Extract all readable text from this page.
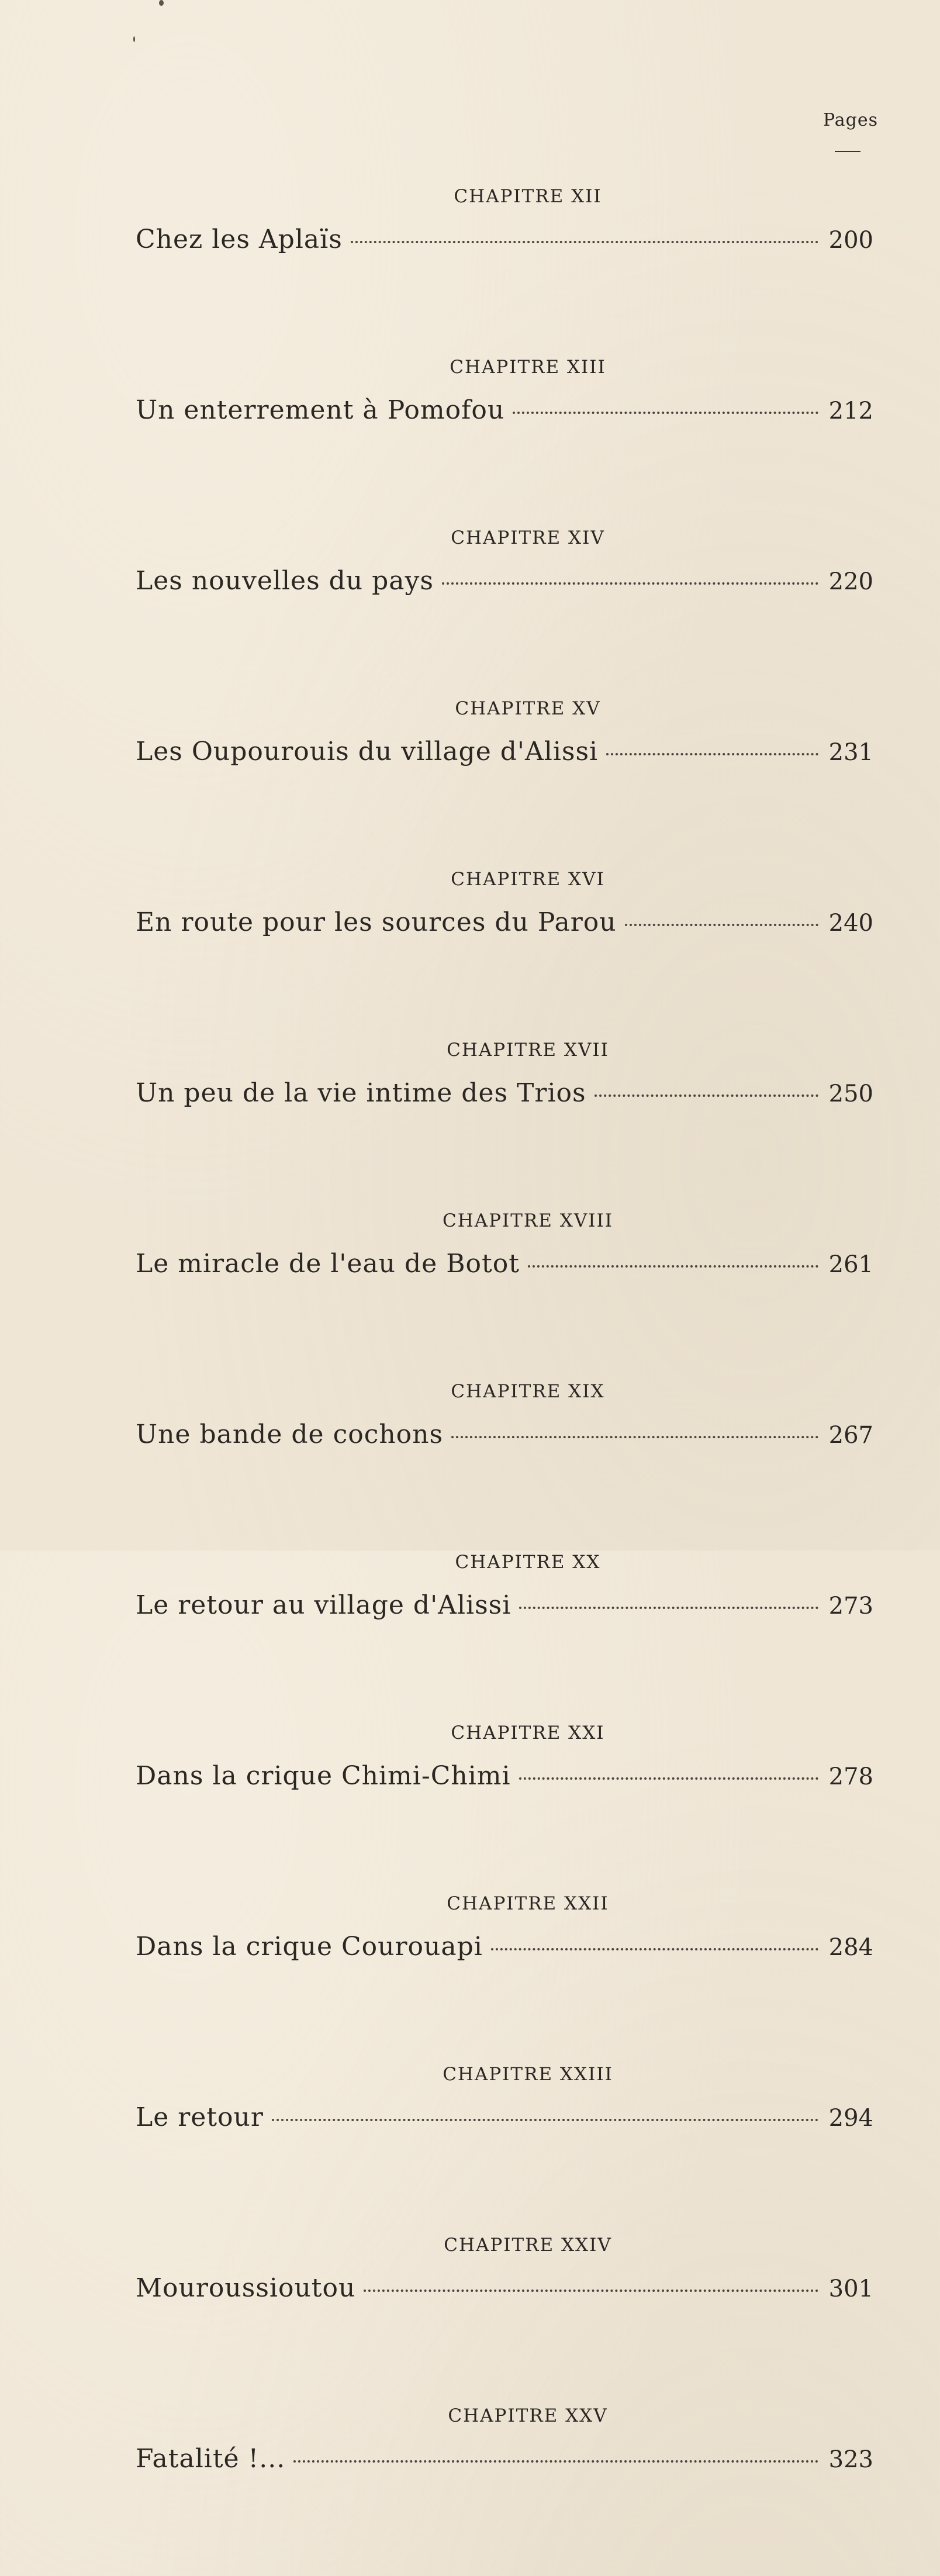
Pages
CHAPITRE XII
Chez les Aplaïs	200
CHAPITRE XIII
Un enterrement à Pomofou	212
CHAPITRE XIV
Les nouvelles du pays	220
CHAPITRE XV
Les Oupourouis du village d'Alissi	231
CHAPITRE XVI
En route pour les sources du Parou	240
CHAPITRE XVII
Un peu de la vie intime des Trios	250
CHAPITRE XVIII
Le miracle de l'eau de Botot	261
CHAPITRE XIX
Une bande de cochons	267
CHAPITRE XX
Le retour au village d'Alissi	273
CHAPITRE XXI
Dans la crique Chimi-Chimi	278
CHAPITRE XXII
Dans la crique Courouapi	284
CHAPITRE XXIII
Le retour	294
CHAPITRE XXIV
Mouroussioutou	301
CHAPITRE XXV
Fatalité !...	323
